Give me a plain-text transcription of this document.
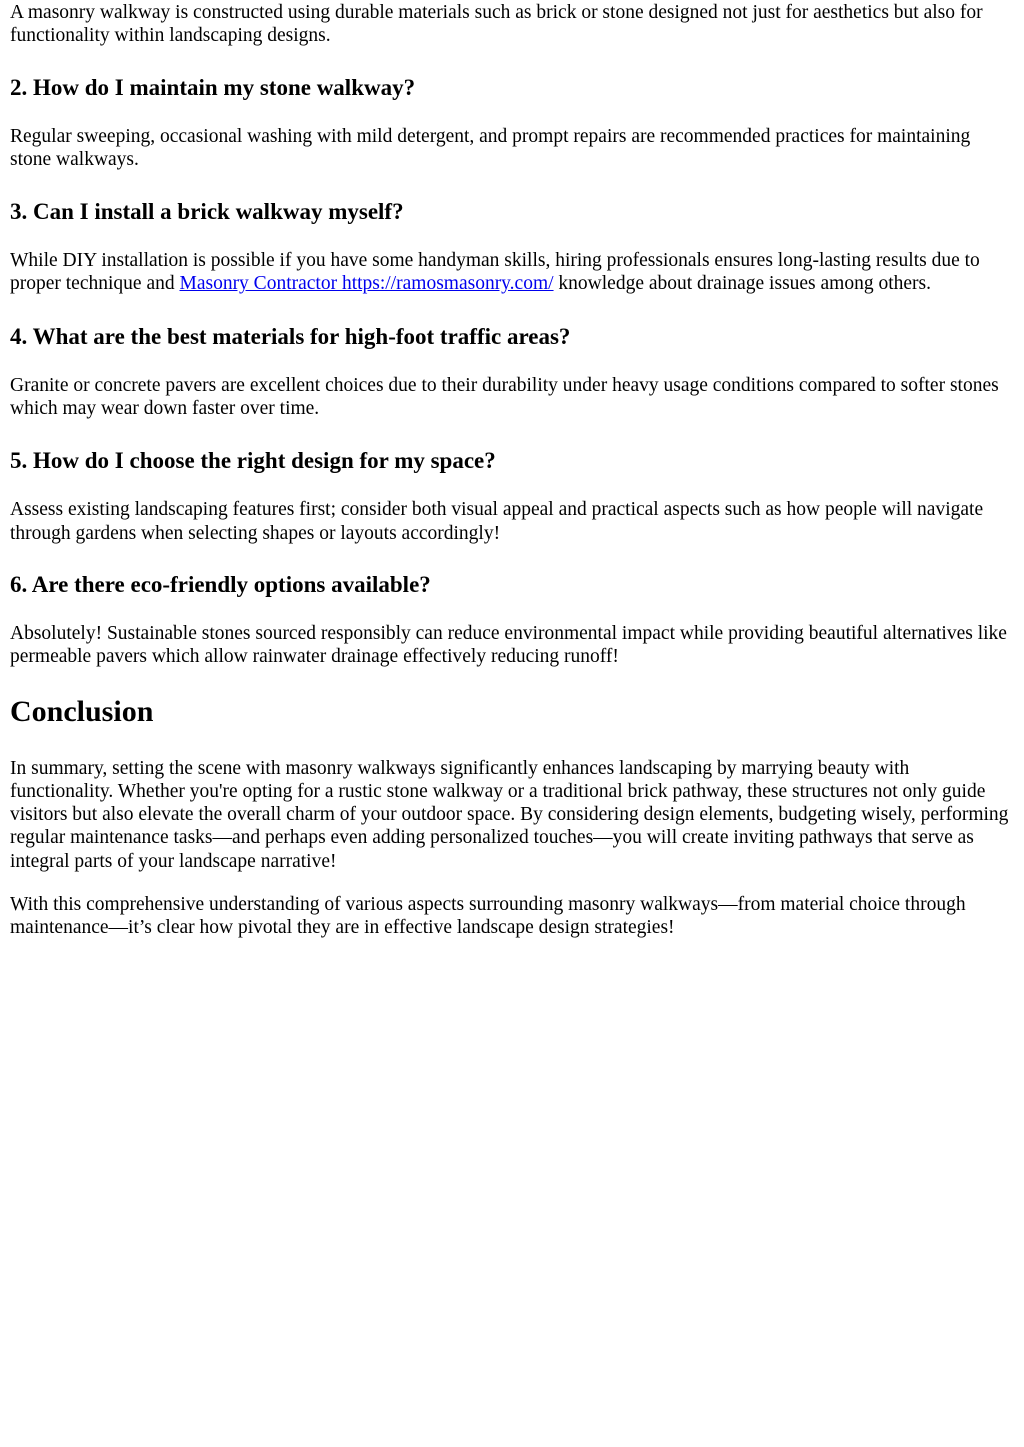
A masonry walkway is constructed using durable materials such as brick or stone designed not just for aesthetics but also for functionality within landscaping designs.

2. How do I maintain my stone walkway?

Regular sweeping, occasional washing with mild detergent, and prompt repairs are recommended practices for maintaining stone walkways.

3. Can I install a brick walkway myself?

While DIY installation is possible if you have some handyman skills, hiring professionals ensures long-lasting results due to proper technique and Masonry Contractor https://ramosmasonry.com/ knowledge about drainage issues among others.

4. What are the best materials for high-foot traffic areas?

Granite or concrete pavers are excellent choices due to their durability under heavy usage conditions compared to softer stones which may wear down faster over time.

5. How do I choose the right design for my space?

Assess existing landscaping features first; consider both visual appeal and practical aspects such as how people will navigate through gardens when selecting shapes or layouts accordingly!

6. Are there eco-friendly options available?

Absolutely! Sustainable stones sourced responsibly can reduce environmental impact while providing beautiful alternatives like permeable pavers which allow rainwater drainage effectively reducing runoff!

Conclusion

In summary, setting the scene with masonry walkways significantly enhances landscaping by marrying beauty with functionality. Whether you're opting for a rustic stone walkway or a traditional brick pathway, these structures not only guide visitors but also elevate the overall charm of your outdoor space. By considering design elements, budgeting wisely, performing regular maintenance tasks—and perhaps even adding personalized touches—you will create inviting pathways that serve as integral parts of your landscape narrative!

With this comprehensive understanding of various aspects surrounding masonry walkways—from material choice through maintenance—it’s clear how pivotal they are in effective landscape design strategies!
